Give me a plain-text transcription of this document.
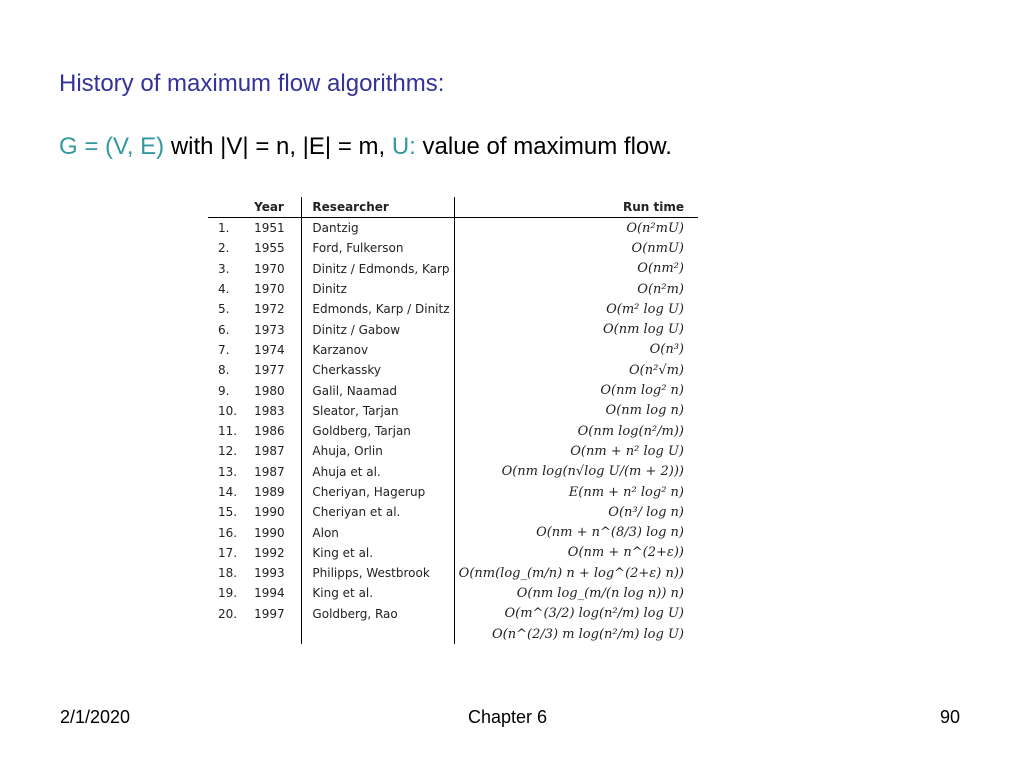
History of maximum flow algorithms:
G = (V, E) with |V| = n, |E| = m, U: value of maximum flow.
	Year	Researcher	Run time
1.	1951	Dantzig	O(n²mU)
2.	1955	Ford, Fulkerson	O(nmU)
3.	1970	Dinitz / Edmonds, Karp	O(nm²)
4.	1970	Dinitz	O(n²m)
5.	1972	Edmonds, Karp / Dinitz	O(m² log U)
6.	1973	Dinitz / Gabow	O(nm log U)
7.	1974	Karzanov	O(n³)
8.	1977	Cherkassky	O(n²√m)
9.	1980	Galil, Naamad	O(nm log² n)
10.	1983	Sleator, Tarjan	O(nm log n)
11.	1986	Goldberg, Tarjan	O(nm log(n²/m))
12.	1987	Ahuja, Orlin	O(nm + n² log U)
13.	1987	Ahuja et al.	O(nm log(n√log U/(m + 2)))
14.	1989	Cheriyan, Hagerup	E(nm + n² log² n)
15.	1990	Cheriyan et al.	O(n³/ log n)
16.	1990	Alon	O(nm + n^(8/3) log n)
17.	1992	King et al.	O(nm + n^(2+ε))
18.	1993	Philipps, Westbrook	O(nm(log_(m/n) n + log^(2+ε) n))
19.	1994	King et al.	O(nm log_(m/(n log n)) n)
20.	1997	Goldberg, Rao	O(m^(3/2) log(n²/m) log U)
			O(n^(2/3) m log(n²/m) log U)
2/1/2020	Chapter 6	90
